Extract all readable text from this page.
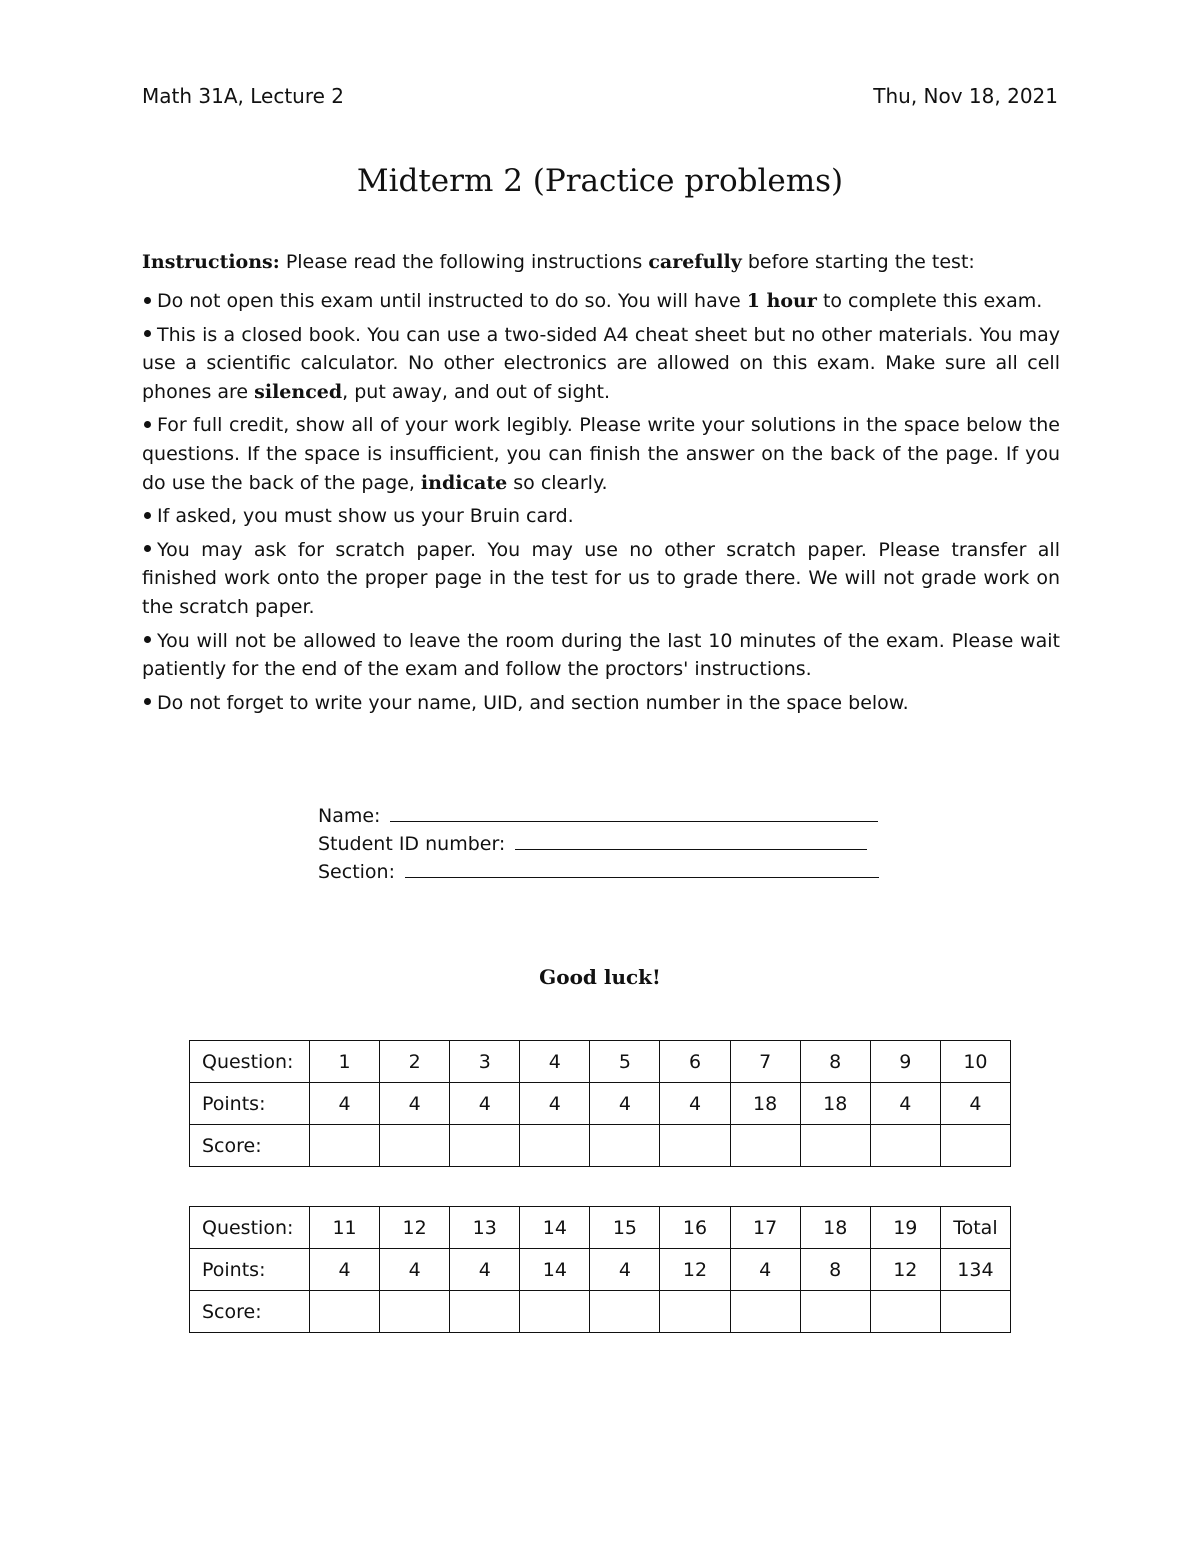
Math 31A, Lecture 2	Thu, Nov 18, 2021
Midterm 2 (Practice problems)
Instructions: Please read the following instructions carefully before starting the test:
Do not open this exam until instructed to do so. You will have 1 hour to complete this exam.
This is a closed book. You can use a two-sided A4 cheat sheet but no other materials. You may use a scientific calculator. No other electronics are allowed on this exam. Make sure all cell phones are silenced, put away, and out of sight.
For full credit, show all of your work legibly. Please write your solutions in the space below the questions. If the space is insufficient, you can finish the answer on the back of the page. If you do use the back of the page, indicate so clearly.
If asked, you must show us your Bruin card.
You may ask for scratch paper. You may use no other scratch paper. Please transfer all finished work onto the proper page in the test for us to grade there. We will not grade work on the scratch paper.
You will not be allowed to leave the room during the last 10 minutes of the exam. Please wait patiently for the end of the exam and follow the proctors' instructions.
Do not forget to write your name, UID, and section number in the space below.
Name:
Student ID number:
Section:
Good luck!
Question:	1	2	3	4	5	6	7	8	9	10
Points:	4	4	4	4	4	4	18	18	4	4
Score:										
Question:	11	12	13	14	15	16	17	18	19	Total
Points:	4	4	4	14	4	12	4	8	12	134
Score:										
